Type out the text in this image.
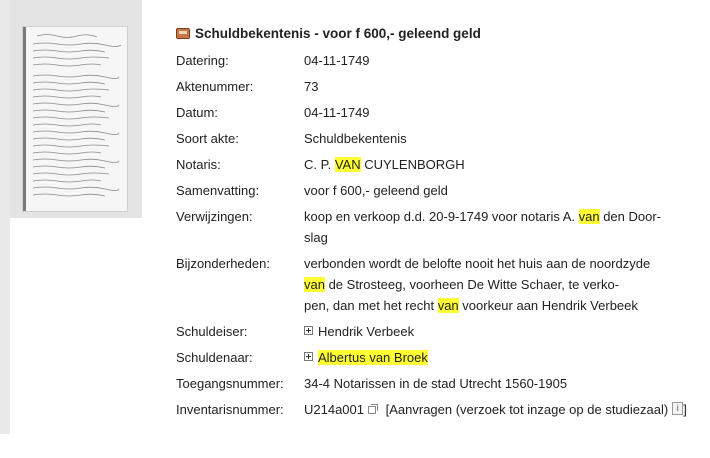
Schuldbekentenis - voor f 600,- geleend geld
Datering:	04-11-1749
Aktenummer:	73
Datum:	04-11-1749
Soort akte:	Schuldbekentenis
Notaris:	C. P. VAN CUYLENBORGH
Samenvatting:	voor f 600,- geleend geld
Verwijzingen:	koop en verkoop d.d. 20-9-1749 voor notaris A. van den Door-
slag
Bijzonderheden:	verbonden wordt de belofte nooit het huis aan de noordzyde
van de Strosteeg, voorheen De Witte Schaer, te verko-
pen, dan met het recht van voorkeur aan Hendrik Verbeek
Schuldeiser:	Hendrik Verbeek
Schuldenaar:	Albertus van Broek
Toegangsnummer:	34-4 Notarissen in de stad Utrecht 1560-1905
Inventarisnummer:	U214a001 [Aanvragen (verzoek tot inzage op de studiezaal) i ]
